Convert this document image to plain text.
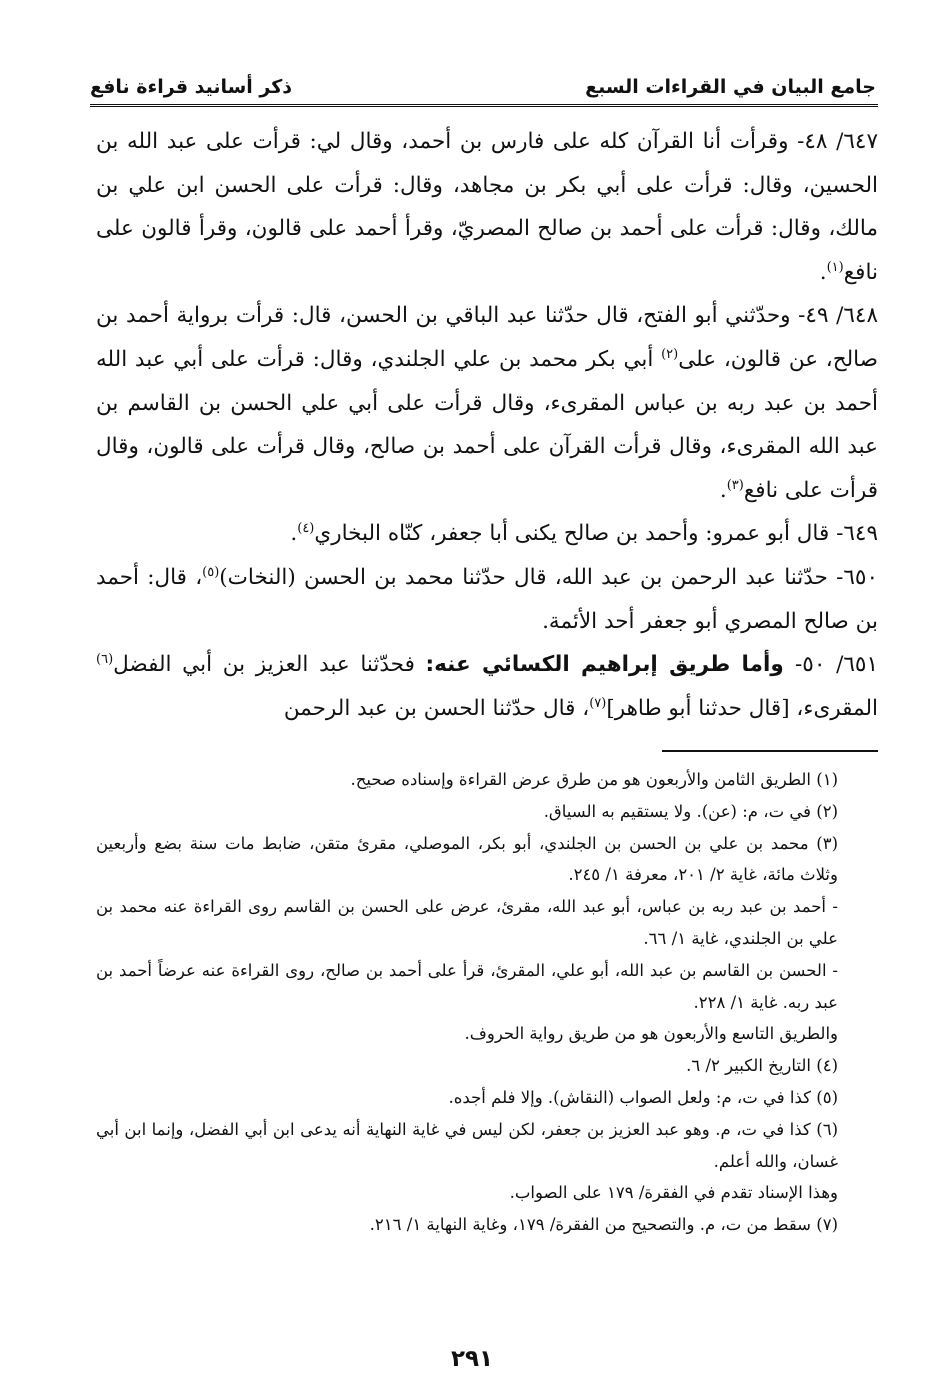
جامع البيان في القراءات السبع
ذكر أسانيد قراءة نافع

٦٤٧/ ٤٨- وقرأت أنا القرآن كله على فارس بن أحمد، وقال لي: قرأت على عبد الله بن الحسين، وقال: قرأت على أبي بكر بن مجاهد، وقال: قرأت على الحسن ابن علي بن مالك، وقال: قرأت على أحمد بن صالح المصريّ، وقرأ أحمد على قالون، وقرأ قالون على نافع$^{(١)}$.

٦٤٨/ ٤٩- وحدّثني أبو الفتح، قال حدّثنا عبد الباقي بن الحسن، قال: قرأت برواية أحمد بن صالح، عن قالون، على$^{(٢)}$ أبي بكر محمد بن علي الجلندي، وقال: قرأت على أبي عبد الله أحمد بن عبد ربه بن عباس المقرىء، وقال قرأت على أبي علي الحسن بن القاسم بن عبد الله المقرىء، وقال قرأت القرآن على أحمد بن صالح، وقال قرأت على قالون، وقال قرأت على نافع$^{(٣)}$.

٦٤٩- قال أبو عمرو: وأحمد بن صالح يكنى أبا جعفر، كنّاه البخاري$^{(٤)}$.

٦٥٠- حدّثنا عبد الرحمن بن عبد الله، قال حدّثنا محمد بن الحسن (النخات)$^{(٥)}$، قال: أحمد بن صالح المصري أبو جعفر أحد الأئمة.

٦٥١/ ٥٠- وأما طريق إبراهيم الكسائي عنه: فحدّثنا عبد العزيز بن أبي الفضل$^{(٦)}$ المقرىء، [قال حدثنا أبو طاهر]$^{(٧)}$، قال حدّثنا الحسن بن عبد الرحمن

(١) الطريق الثامن والأربعون هو من طرق عرض القراءة وإسناده صحيح.

(٢) في ت، م: (عن). ولا يستقيم به السياق.

(٣) محمد بن علي بن الحسن بن الجلندي، أبو بكر، الموصلي، مقرئ متقن، ضابط مات سنة بضع وأربعين وثلاث مائة، غاية ٢/ ٢٠١، معرفة ١/ ٢٤٥.

- أحمد بن عبد ربه بن عباس، أبو عبد الله، مقرئ، عرض على الحسن بن القاسم روى القراءة عنه محمد بن علي بن الجلندي، غاية ١/ ٦٦.

- الحسن بن القاسم بن عبد الله، أبو علي، المقرئ، قرأ على أحمد بن صالح، روى القراءة عنه عرضاً أحمد بن عبد ربه. غاية ١/ ٢٢٨.

والطريق التاسع والأربعون هو من طريق رواية الحروف.

(٤) التاريخ الكبير ٢/ ٦.

(٥) كذا في ت، م: ولعل الصواب (النقاش). وإلا فلم أجده.

(٦) كذا في ت، م. وهو عبد العزيز بن جعفر، لكن ليس في غاية النهاية أنه يدعى ابن أبي الفضل، وإنما ابن أبي غسان، والله أعلم.

وهذا الإسناد تقدم في الفقرة/ ١٧٩ على الصواب.

(٧) سقط من ت، م. والتصحيح من الفقرة/ ١٧٩، وغاية النهاية ١/ ٢١٦.

٢٩١
